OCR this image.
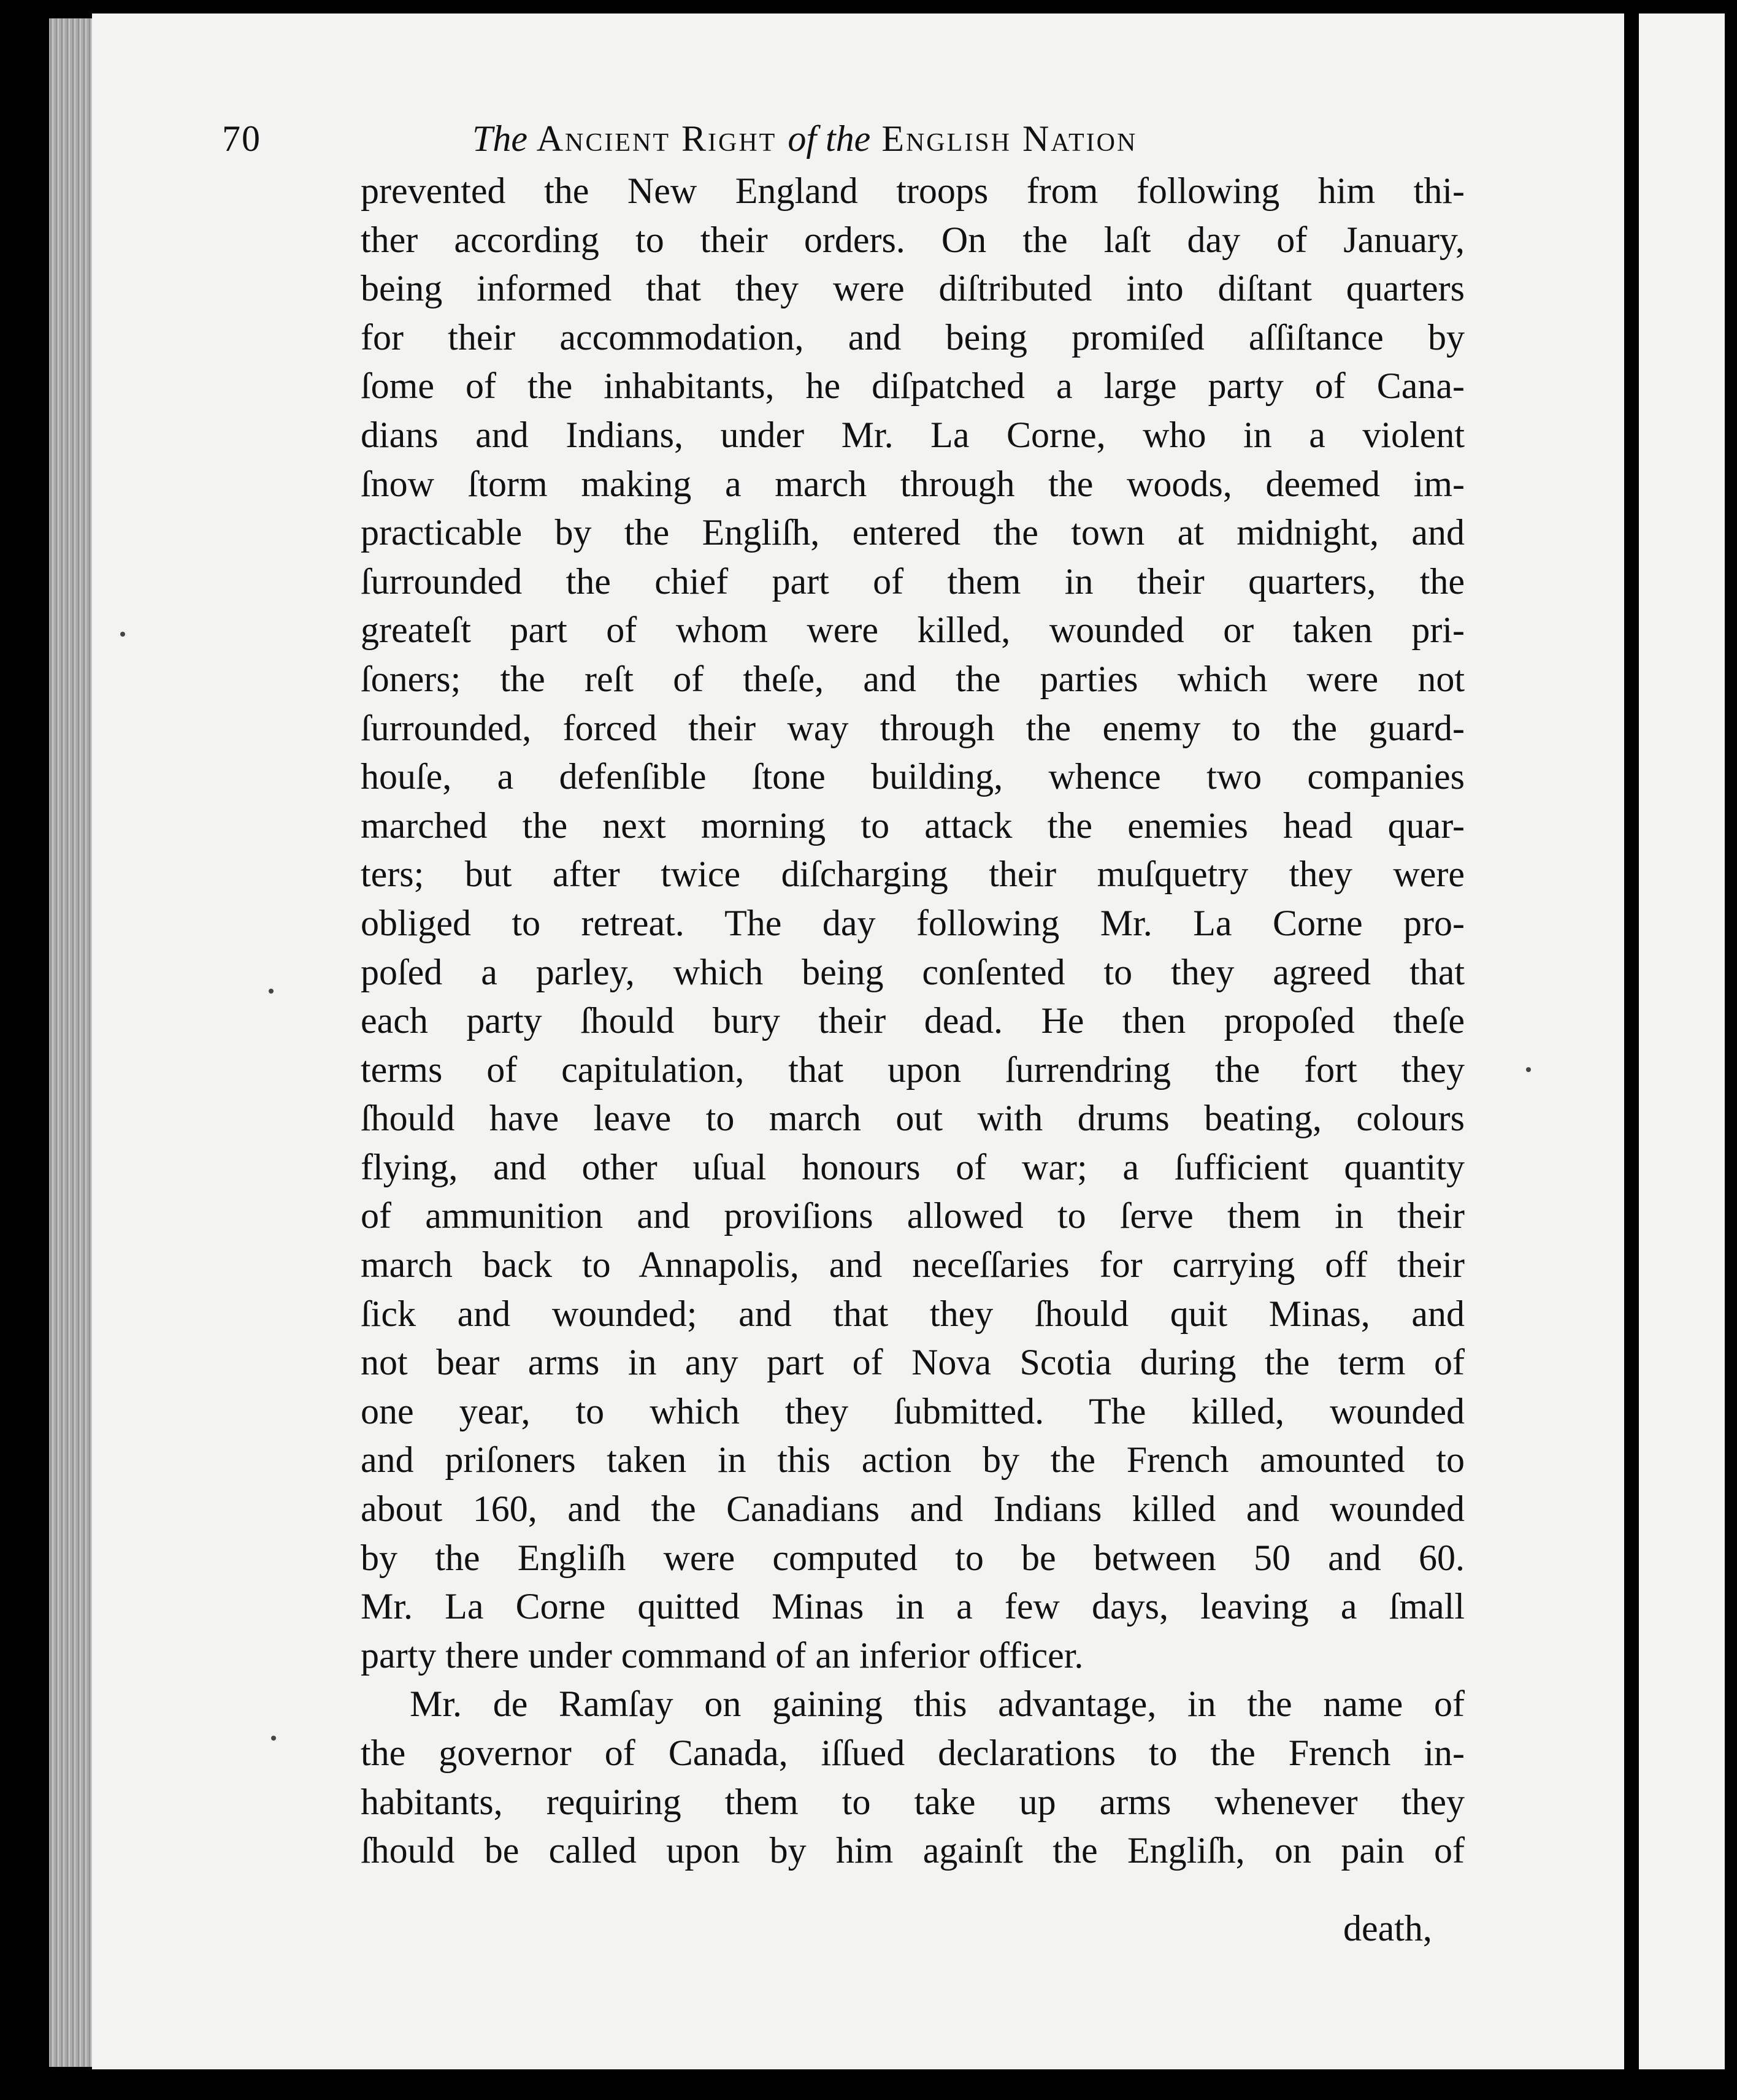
70	The Ancient Right of the English Nation
prevented the New England troops from following him thi-
ther according to their orders. On the laſt day of January,
being informed that they were diſtributed into diſtant quarters
for their accommodation, and being promiſed aſſiſtance by
ſome of the inhabitants, he diſpatched a large party of Cana-
dians and Indians, under Mr. La Corne, who in a violent
ſnow ſtorm making a march through the woods, deemed im-
practicable by the Engliſh, entered the town at midnight, and
ſurrounded the chief part of them in their quarters, the
greateſt part of whom were killed, wounded or taken pri-
ſoners; the reſt of theſe, and the parties which were not
ſurrounded, forced their way through the enemy to the guard-
houſe, a defenſible ſtone building, whence two companies
marched the next morning to attack the enemies head quar-
ters; but after twice diſcharging their muſquetry they were
obliged to retreat. The day following Mr. La Corne pro-
poſed a parley, which being conſented to they agreed that
each party ſhould bury their dead. He then propoſed theſe
terms of capitulation, that upon ſurrendring the fort they
ſhould have leave to march out with drums beating, colours
flying, and other uſual honours of war; a ſufficient quantity
of ammunition and proviſions allowed to ſerve them in their
march back to Annapolis, and neceſſaries for carrying off their
ſick and wounded; and that they ſhould quit Minas, and
not bear arms in any part of Nova Scotia during the term of
one year, to which they ſubmitted. The killed, wounded
and priſoners taken in this action by the French amounted to
about 160, and the Canadians and Indians killed and wounded
by the Engliſh were computed to be between 50 and 60.
Mr. La Corne quitted Minas in a few days, leaving a ſmall
party there under command of an inferior officer.
Mr. de Ramſay on gaining this advantage, in the name of
the governor of Canada, iſſued declarations to the French in-
habitants, requiring them to take up arms whenever they
ſhould be called upon by him againſt the Engliſh, on pain of
death,
